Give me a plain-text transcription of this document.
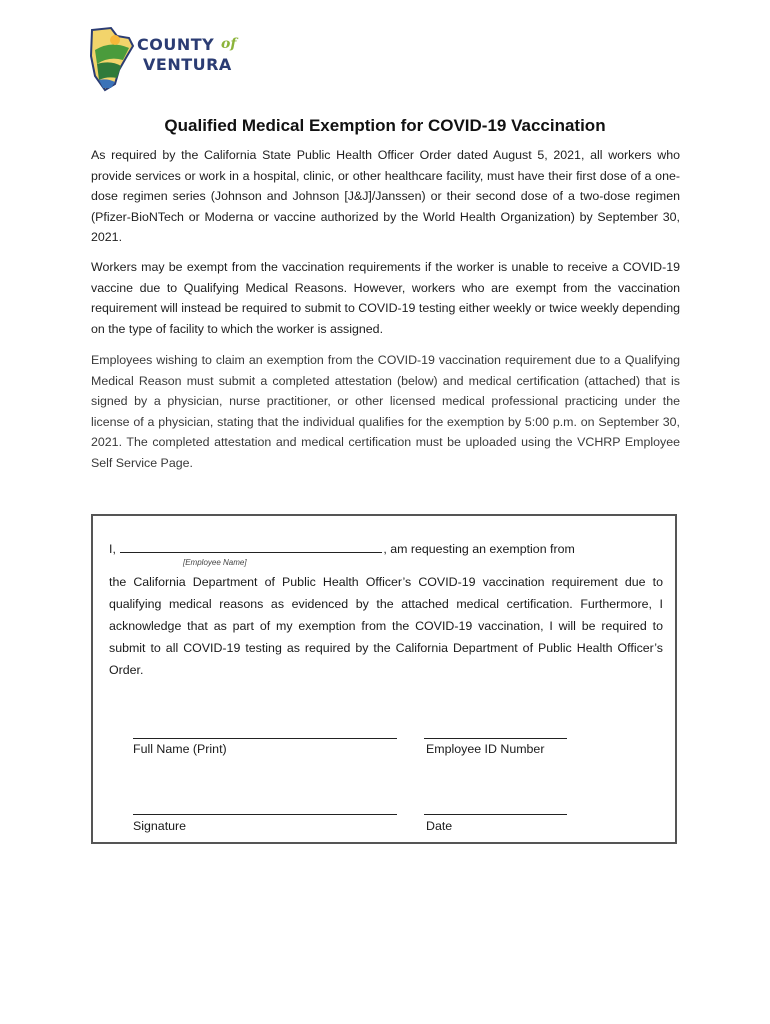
COUNTY
VENTURA
of
Qualified Medical Exemption for COVID-19 Vaccination
As required by the California State Public Health Officer Order dated August 5, 2021, all workers who provide services or work in a hospital, clinic, or other healthcare facility, must have their first dose of a one-dose regimen series (Johnson and Johnson [J&J]/Janssen) or their second dose of a two-dose regimen (Pfizer-BioNTech or Moderna or vaccine authorized by the World Health Organization) by September 30, 2021.
Workers may be exempt from the vaccination requirements if the worker is unable to receive a COVID-19 vaccine due to Qualifying Medical Reasons. However, workers who are exempt from the vaccination requirement will instead be required to submit to COVID-19 testing either weekly or twice weekly depending on the type of facility to which the worker is assigned.
Employees wishing to claim an exemption from the COVID-19 vaccination requirement due to a Qualifying Medical Reason must submit a completed attestation (below) and medical certification (attached) that is signed by a physician, nurse practitioner, or other licensed medical professional practicing under the license of a physician, stating that the individual qualifies for the exemption by 5:00 p.m. on September 30, 2021. The completed attestation and medical certification must be uploaded using the VCHRP Employee Self Service Page.
I,	, am requesting an exemption from
[Employee Name]
the California Department of Public Health Officer’s COVID-19 vaccination requirement due to qualifying medical reasons as evidenced by the attached medical certification. Furthermore, I acknowledge that as part of my exemption from the COVID-19 vaccination, I will be required to submit to all COVID-19 testing as required by the California Department of Public Health Officer’s Order.
Full Name (Print)	Employee ID Number
Signature	Date
